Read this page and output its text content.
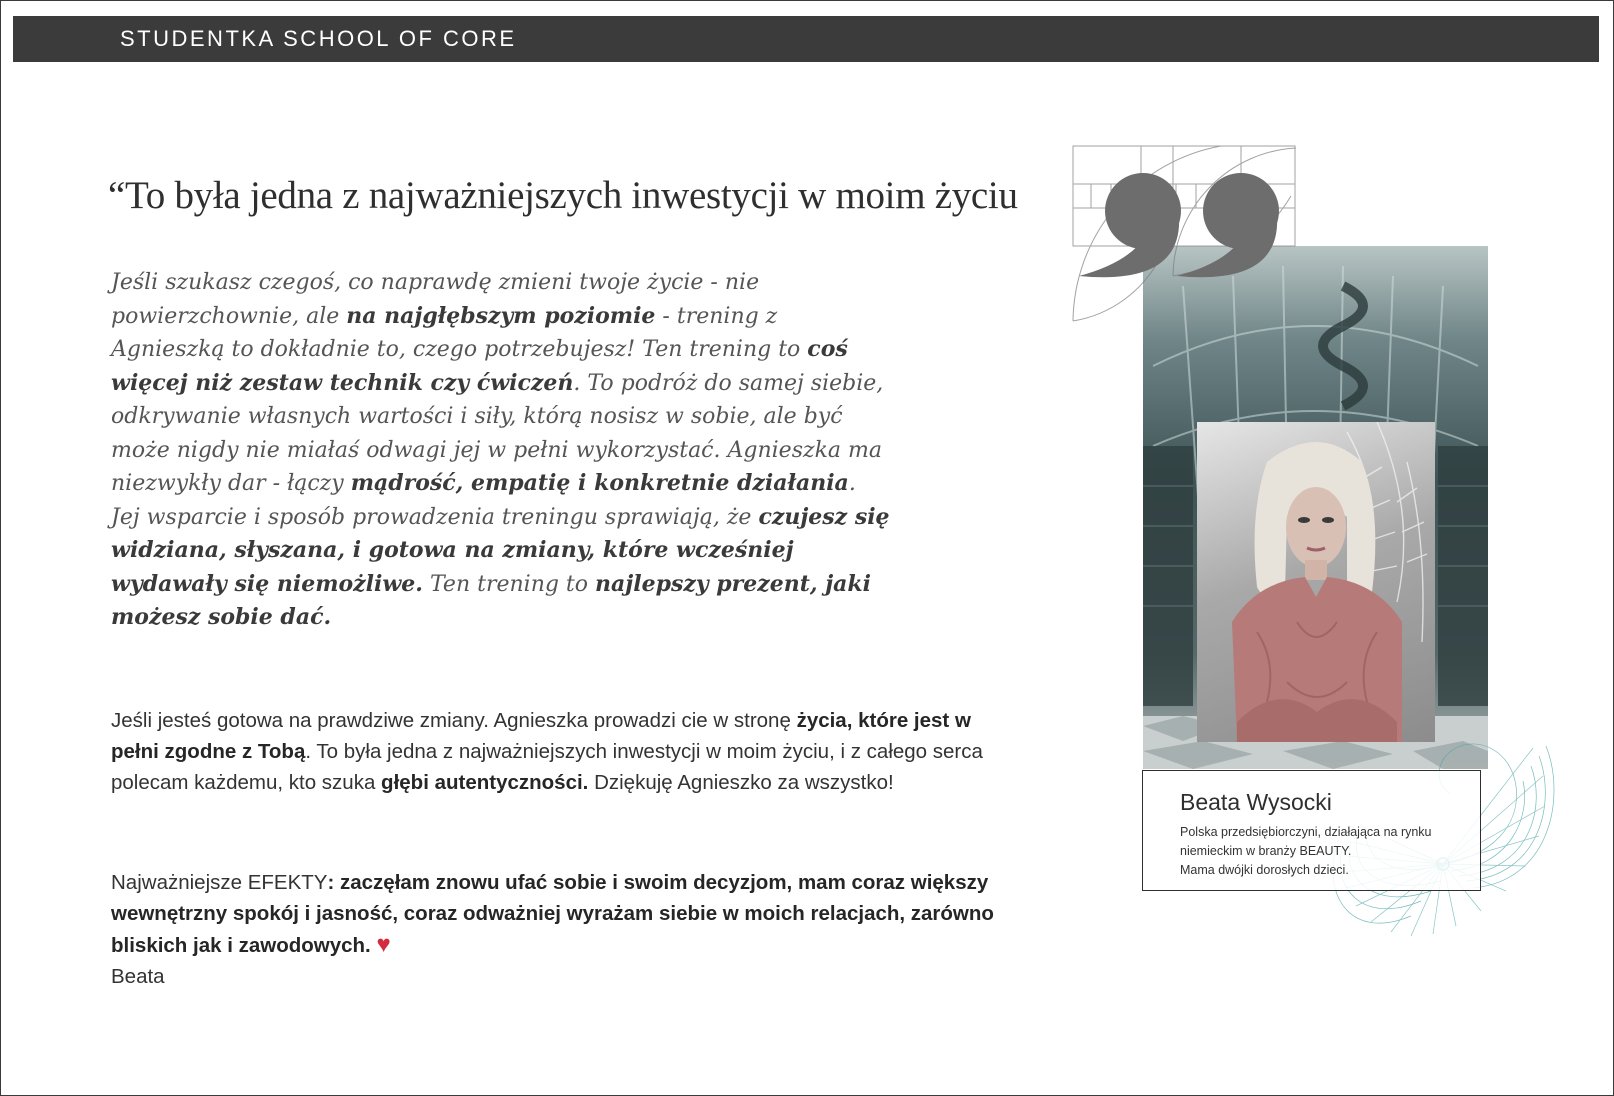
STUDENTKA SCHOOL OF CORE
“To była jedna z najważniejszych inwestycji w moim życiu
Jeśli szukasz czegoś, co naprawdę zmieni twoje życie - nie powierzchownie, ale na najgłębszym poziomie - trening z Agnieszką to dokładnie to, czego potrzebujesz! Ten trening to coś więcej niż zestaw technik czy ćwiczeń. To podróż do samej siebie, odkrywanie własnych wartości i siły, którą nosisz w sobie, ale być może nigdy nie miałaś odwagi jej w pełni wykorzystać. Agnieszka ma niezwykły dar - łączy mądrość, empatię i konkretnie działania. Jej wsparcie i sposób prowadzenia treningu sprawiają, że czujesz się widziana, słyszana, i gotowa na zmiany, które wcześniej wydawały się niemożliwe. Ten trening to najlepszy prezent, jaki możesz sobie dać.
Jeśli jesteś gotowa na prawdziwe zmiany. Agnieszka prowadzi cie w stronę życia, które jest w pełni zgodne z Tobą. To była jedna z najważniejszych inwestycji w moim życiu, i z całego serca polecam każdemu, kto szuka głębi autentyczności. Dziękuję Agnieszko za wszystko!
Najważniejsze EFEKTY: zaczęłam znowu ufać sobie i swoim decyzjom, mam coraz większy wewnętrzny spokój i jasność, coraz odważniej wyrażam siebie w moich relacjach, zarówno bliskich jak i zawodowych. ♥
Beata
Beata Wysocki
Polska przedsiębiorczyni, działająca na rynku
niemieckim w branży BEAUTY.
Mama dwójki dorosłych dzieci.
